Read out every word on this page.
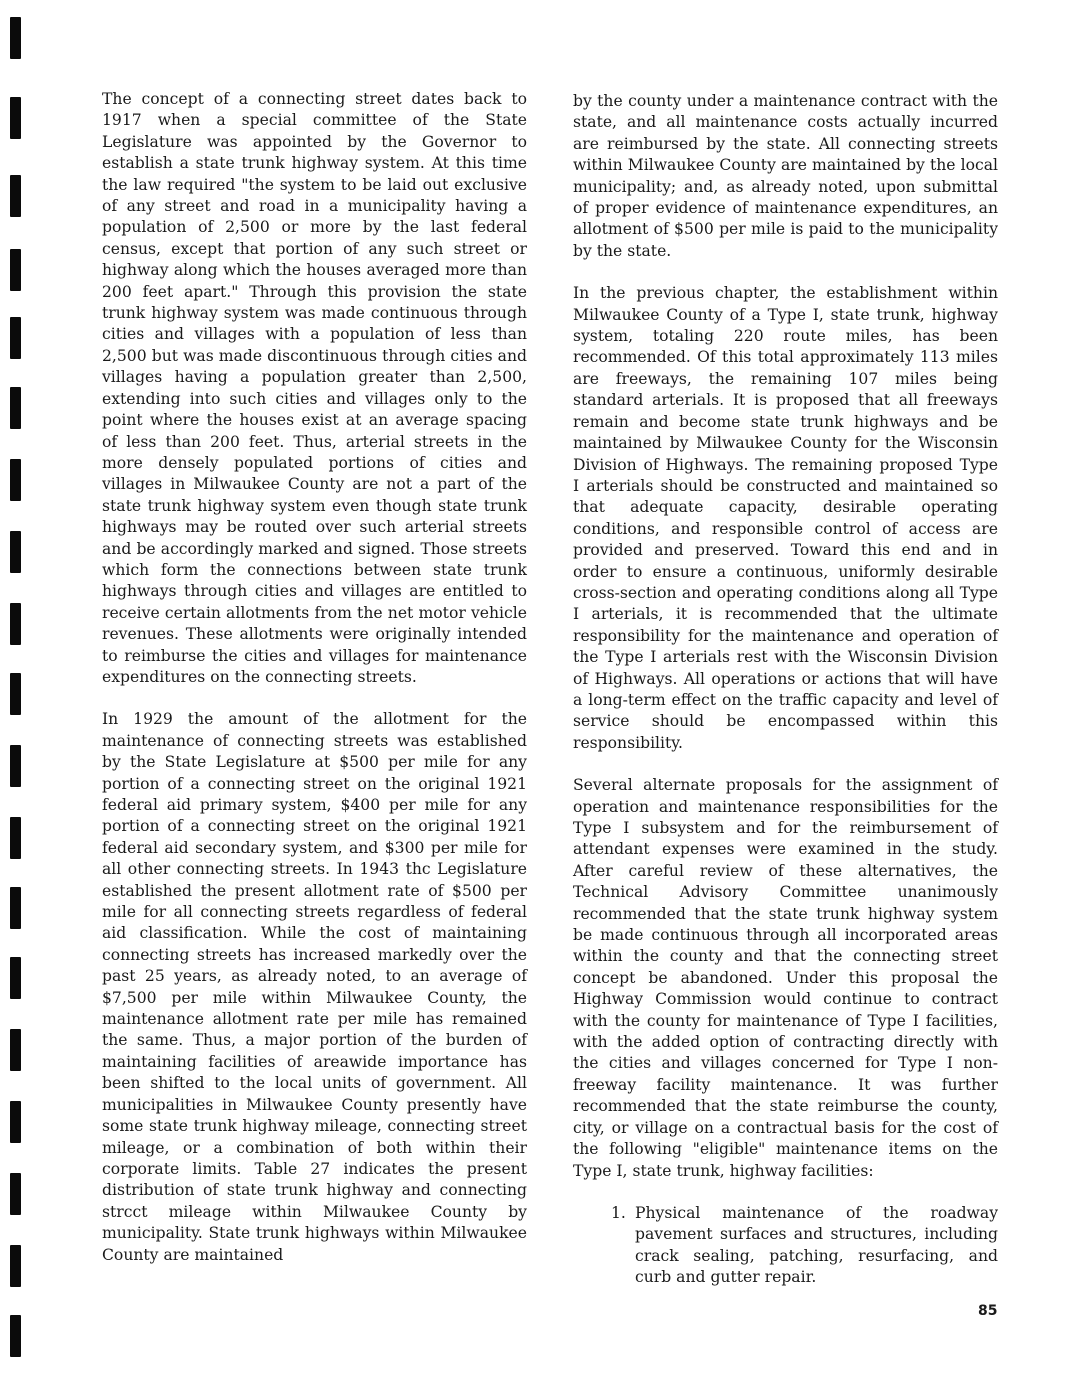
The concept of a connecting street dates back to 1917 when a special committee of the State Legislature was appointed by the Governor to establish a state trunk highway system. At this time the law required "the system to be laid out exclusive of any street and road in a municipality having a population of 2,500 or more by the last federal census, except that portion of any such street or highway along which the houses averaged more than 200 feet apart." Through this provision the state trunk highway system was made continuous through cities and villages with a population of less than 2,500 but was made discontinuous through cities and villages having a population greater than 2,500, extending into such cities and villages only to the point where the houses exist at an average spacing of less than 200 feet. Thus, arterial streets in the more densely populated portions of cities and villages in Milwaukee County are not a part of the state trunk highway system even though state trunk highways may be routed over such arterial streets and be accordingly marked and signed. Those streets which form the connections between state trunk highways through cities and villages are entitled to receive certain allotments from the net motor vehicle revenues. These allotments were originally intended to reimburse the cities and villages for maintenance expenditures on the connecting streets.

In 1929 the amount of the allotment for the maintenance of connecting streets was established by the State Legislature at $500 per mile for any portion of a connecting street on the original 1921 federal aid primary system, $400 per mile for any portion of a connecting street on the original 1921 federal aid secondary system, and $300 per mile for all other connecting streets. In 1943 thc Legislature established the present allotment rate of $500 per mile for all connecting streets regardless of federal aid classification. While the cost of maintaining connecting streets has increased markedly over the past 25 years, as already noted, to an average of $7,500 per mile within Milwaukee County, the maintenance allotment rate per mile has remained the same. Thus, a major portion of the burden of maintaining facilities of areawide importance has been shifted to the local units of government. All municipalities in Milwaukee County presently have some state trunk highway mileage, connecting street mileage, or a combination of both within their corporate limits. Table 27 indicates the present distribution of state trunk highway and connecting strcct mileage within Milwaukee County by municipality. State trunk highways within Milwaukee County are maintained

by the county under a maintenance contract with the state, and all maintenance costs actually incurred are reimbursed by the state. All connecting streets within Milwaukee County are maintained by the local municipality; and, as already noted, upon submittal of proper evidence of maintenance expenditures, an allotment of $500 per mile is paid to the municipality by the state.

In the previous chapter, the establishment within Milwaukee County of a Type I, state trunk, highway system, totaling 220 route miles, has been recommended. Of this total approximately 113 miles are freeways, the remaining 107 miles being standard arterials. It is proposed that all freeways remain and become state trunk highways and be maintained by Milwaukee County for the Wisconsin Division of Highways. The remaining proposed Type I arterials should be constructed and maintained so that adequate capacity, desirable operating conditions, and responsible control of access are provided and preserved. Toward this end and in order to ensure a continuous, uniformly desirable cross-section and operating conditions along all Type I arterials, it is recommended that the ultimate responsibility for the maintenance and operation of the Type I arterials rest with the Wisconsin Division of Highways. All operations or actions that will have a long-term effect on the traffic capacity and level of service should be encompassed within this responsibility.

Several alternate proposals for the assignment of operation and maintenance responsibilities for the Type I subsystem and for the reimbursement of attendant expenses were examined in the study. After careful review of these alternatives, the Technical Advisory Committee unanimously recommended that the state trunk highway system be made continuous through all incorporated areas within the county and that the connecting street concept be abandoned. Under this proposal the Highway Commission would continue to contract with the county for maintenance of Type I facilities, with the added option of contracting directly with the cities and villages concerned for Type I non-freeway facility maintenance. It was further recommended that the state reimburse the county, city, or village on a contractual basis for the cost of the following "eligible" maintenance items on the Type I, state trunk, highway facilities:

1. Physical maintenance of the roadway pavement surfaces and structures, including crack sealing, patching, resurfacing, and curb and gutter repair.
85
